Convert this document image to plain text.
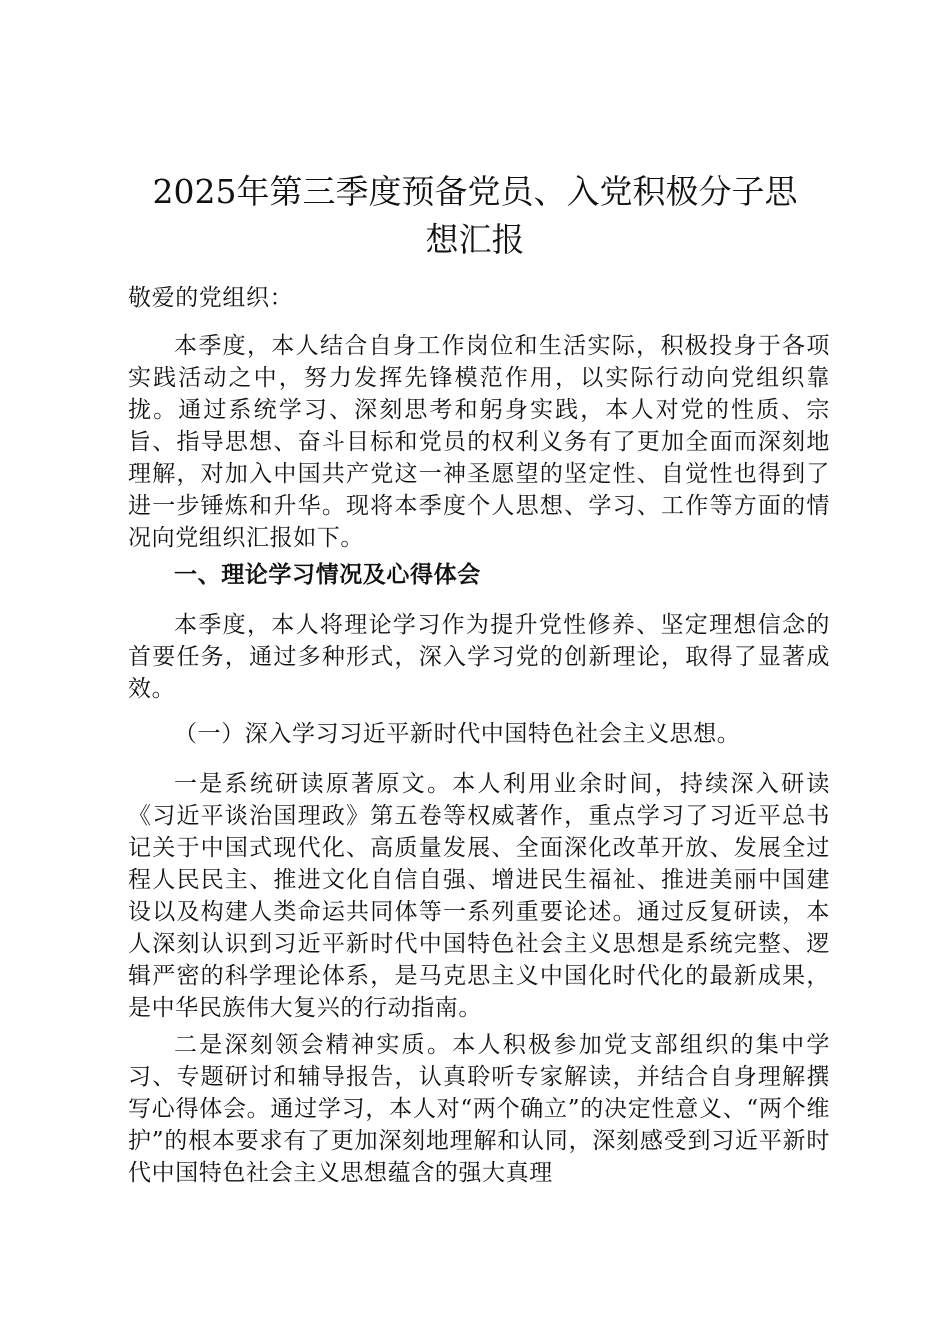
2025年第三季度预备党员、入党积极分子思
想汇报

敬爱的党组织：

本季度，本人结合自身工作岗位和生活实际，积极投身于各项实践活动之中，努力发挥先锋模范作用，以实际行动向党组织靠拢。通过系统学习、深刻思考和躬身实践，本人对党的性质、宗旨、指导思想、奋斗目标和党员的权利义务有了更加全面而深刻地理解，对加入中国共产党这一神圣愿望的坚定性、自觉性也得到了进一步锤炼和升华。现将本季度个人思想、学习、工作等方面的情况向党组织汇报如下。

一、理论学习情况及心得体会

本季度，本人将理论学习作为提升党性修养、坚定理想信念的首要任务，通过多种形式，深入学习党的创新理论，取得了显著成效。

（一）深入学习习近平新时代中国特色社会主义思想。

一是系统研读原著原文。本人利用业余时间，持续深入研读《习近平谈治国理政》第五卷等权威著作，重点学习了习近平总书记关于中国式现代化、高质量发展、全面深化改革开放、发展全过程人民民主、推进文化自信自强、增进民生福祉、推进美丽中国建设以及构建人类命运共同体等一系列重要论述。通过反复研读，本人深刻认识到习近平新时代中国特色社会主义思想是系统完整、逻辑严密的科学理论体系，是马克思主义中国化时代化的最新成果，是中华民族伟大复兴的行动指南。

二是深刻领会精神实质。本人积极参加党支部组织的集中学习、专题研讨和辅导报告，认真聆听专家解读，并结合自身理解撰写心得体会。通过学习，本人对“两个确立”的决定性意义、“两个维护”的根本要求有了更加深刻地理解和认同，深刻感受到习近平新时代中国特色社会主义思想蕴含的强大真理
